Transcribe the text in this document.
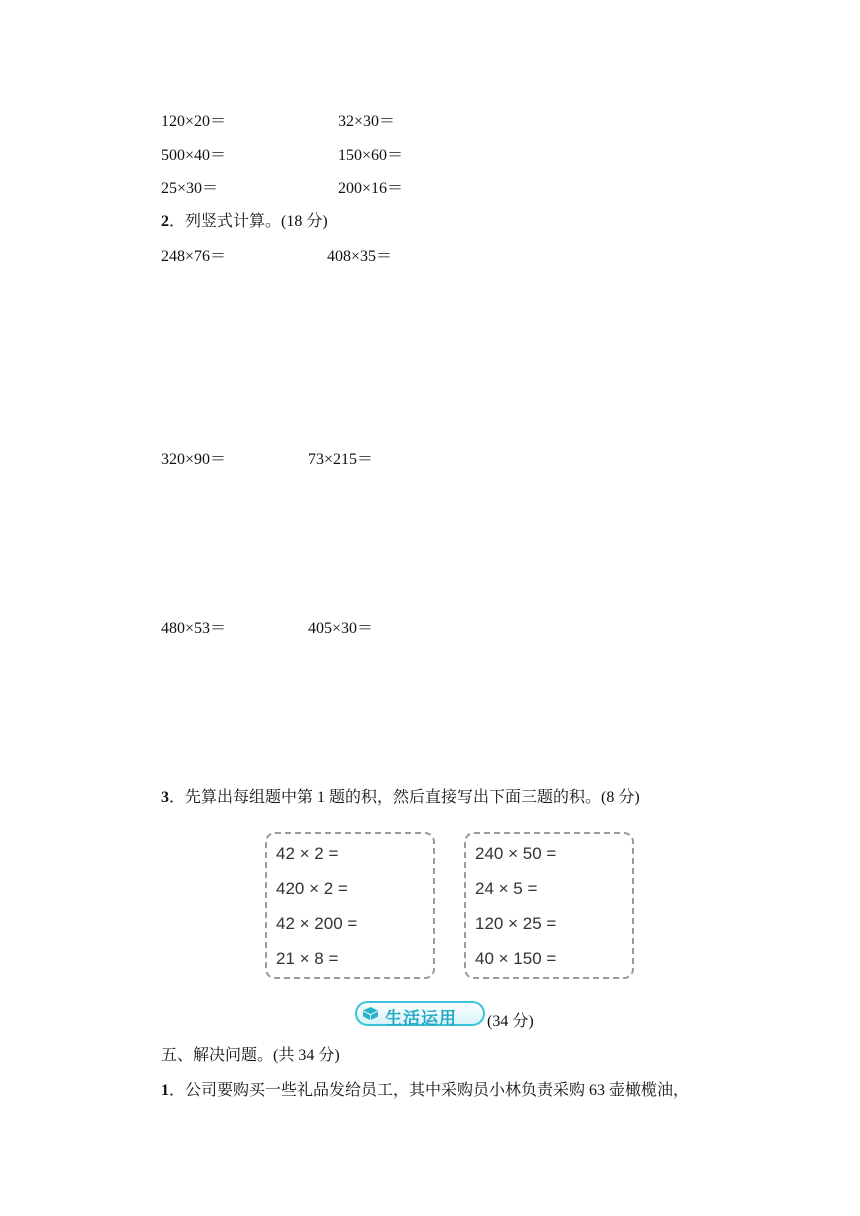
120×20＝	32×30＝
500×40＝	150×60＝
25×30＝	200×16＝
2．列竖式计算。(18 分)
248×76＝	408×35＝
320×90＝	73×215＝
480×53＝	405×30＝
3．先算出每组题中第 1 题的积，然后直接写出下面三题的积。(8 分)
42 × 2 =
420 × 2 =
42 × 200 =
21 × 8 =
240 × 50 =
24 × 5 =
120 × 25 =
40 × 150 =
生活运用 (34 分)
五、解决问题。(共 34 分)
1．公司要购买一些礼品发给员工，其中采购员小林负责采购 63 壶橄榄油，
